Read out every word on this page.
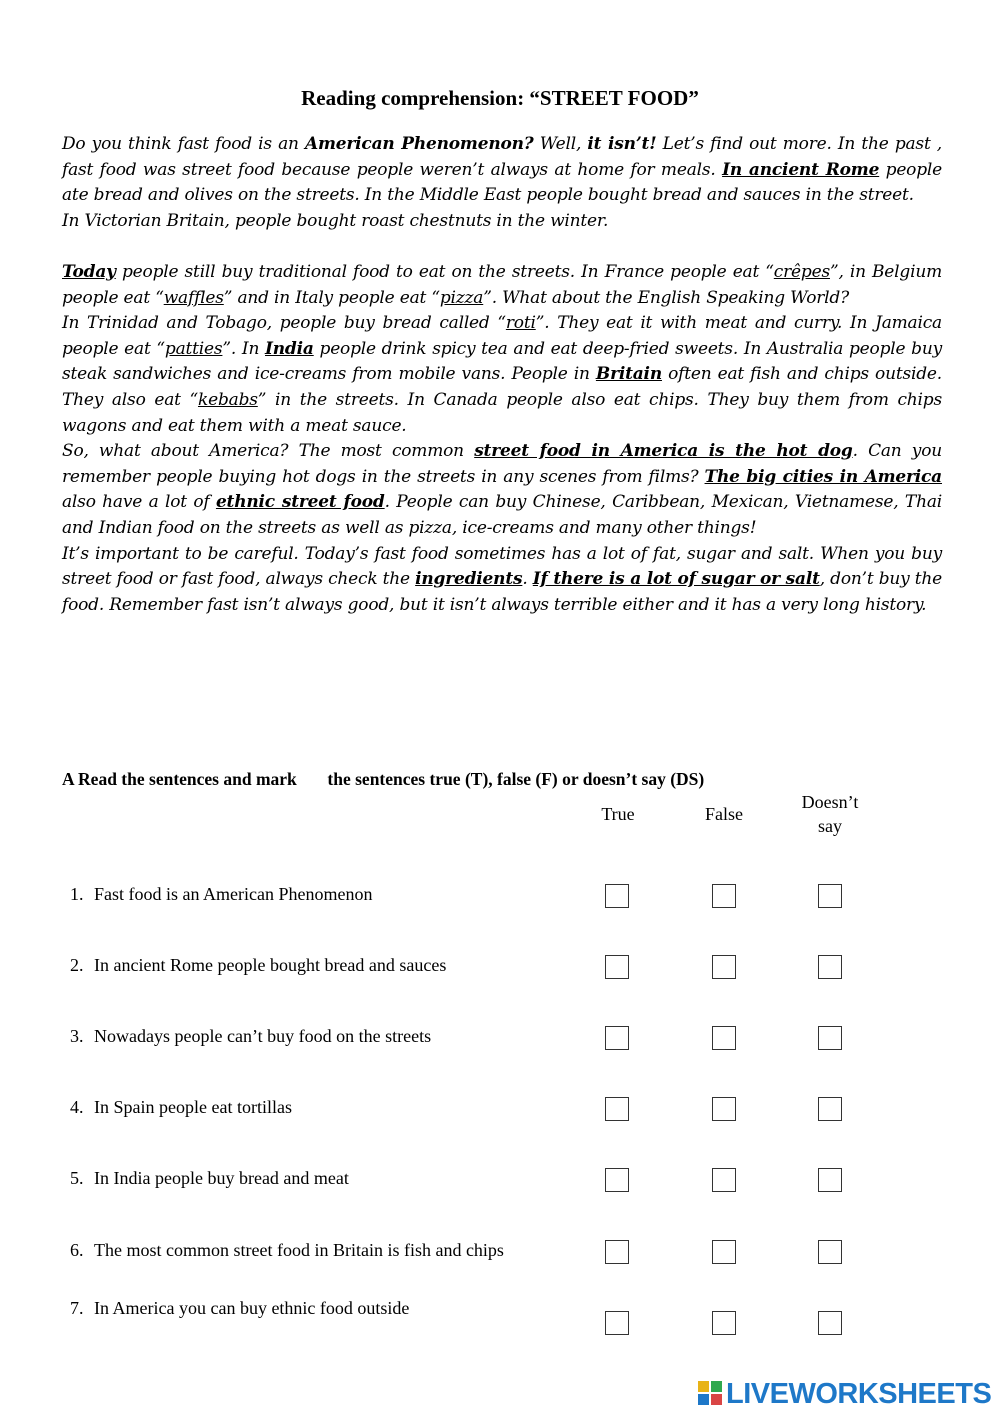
Reading comprehension: “STREET FOOD”

Do you think fast food is an American Phenomenon? Well, it isn’t! Let’s find out more. In the past , fast food was street food because people weren’t always at home for meals. In ancient Rome people ate bread and olives on the streets. In the Middle East people bought bread and sauces in the street.

In Victorian Britain, people bought roast chestnuts in the winter.

Today people still buy traditional food to eat on the streets. In France people eat “crêpes”, in Belgium people eat “waffles” and in Italy people eat “pizza”. What about the English Speaking World?

In Trinidad and Tobago, people buy bread called “roti”. They eat it with meat and curry. In Jamaica people eat “patties”. In India people drink spicy tea and eat deep-fried sweets. In Australia people buy steak sandwiches and ice-creams from mobile vans. People in Britain often eat fish and chips outside. They also eat “kebabs” in the streets. In Canada people also eat chips. They buy them from chips wagons and eat them with a meat sauce.

So, what about America? The most common street food in America is the hot dog. Can you remember people buying hot dogs in the streets in any scenes from films? The big cities in America also have a lot of ethnic street food. People can buy Chinese, Caribbean, Mexican, Vietnamese, Thai and Indian food on the streets as well as pizza, ice-creams and many other things!

It’s important to be careful. Today’s fast food sometimes has a lot of fat, sugar and salt. When you buy street food or fast food, always check the ingredients. If there is a lot of sugar or salt, don’t buy the food. Remember fast isn’t always good, but it isn’t always terrible either and it has a very long history.

A Read the sentences and mark       the sentences true (T), false (F) or doesn’t say (DS)
True	False
Doesn’t
say
1. Fast food is an American Phenomenon
2. In ancient Rome people bought bread and sauces
3. Nowadays people can’t buy food on the streets
4. In Spain people eat tortillas
5. In India people buy bread and meat
6. The most common street food in Britain is fish and chips
7. In America you can buy ethnic food outside
LIVEWORKSHEETS
